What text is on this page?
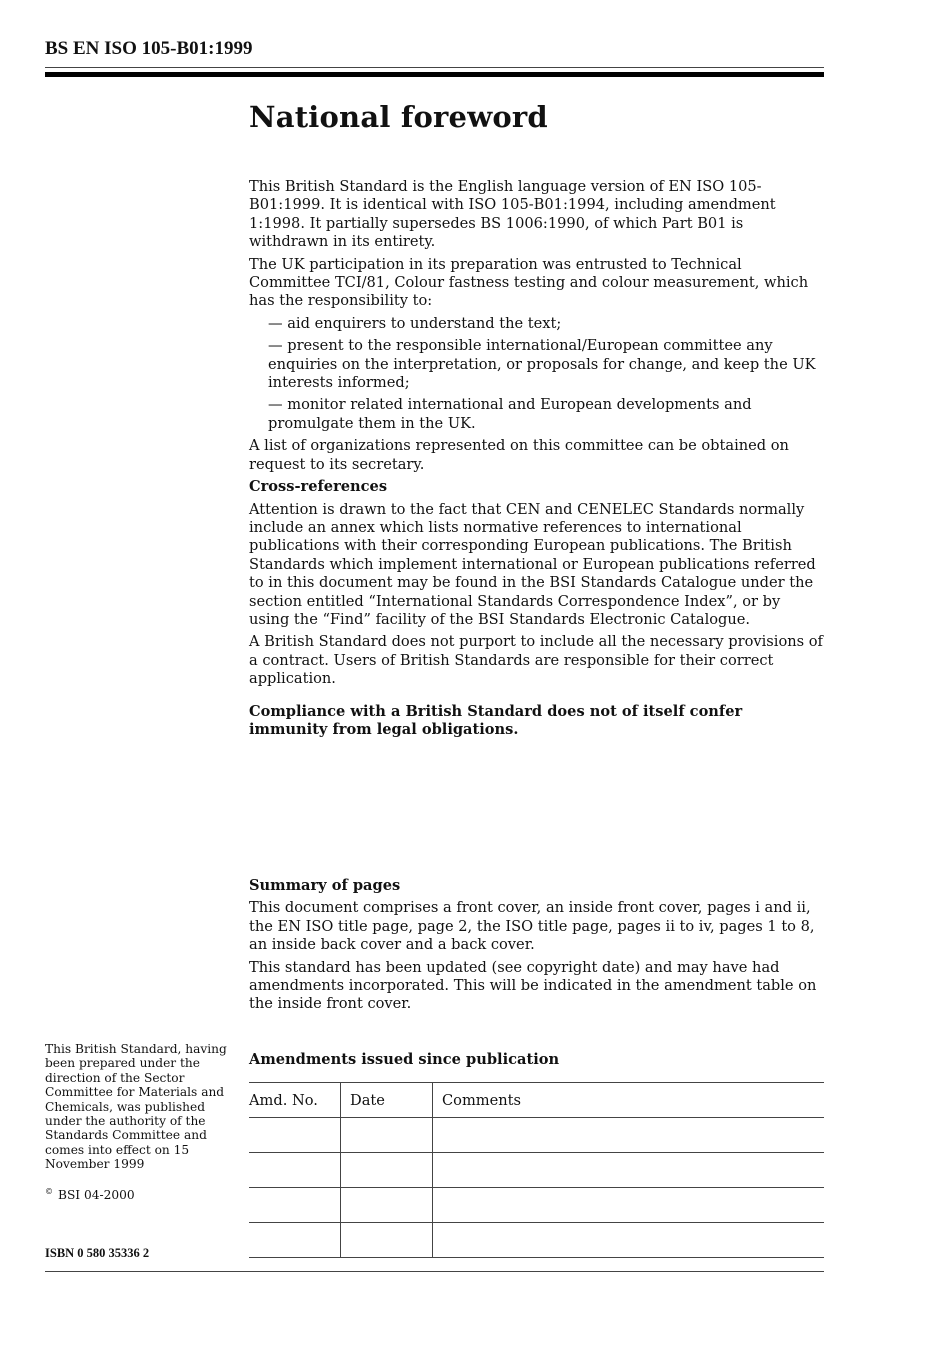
BS EN ISO 105-B01:1999
National foreword

This British Standard is the English language version of EN ISO 105-B01:1999. It is identical with ISO 105-B01:1994, including amendment 1:1998. It partially supersedes BS 1006:1990, of which Part B01 is withdrawn in its entirety.

The UK participation in its preparation was entrusted to Technical Committee TCI/81, Colour fastness testing and colour measurement, which has the responsibility to:

— aid enquirers to understand the text;
— present to the responsible international/European committee any enquiries on the interpretation, or proposals for change, and keep the UK interests informed;
— monitor related international and European developments and promulgate them in the UK.

A list of organizations represented on this committee can be obtained on request to its secretary.

Cross-references

Attention is drawn to the fact that CEN and CENELEC Standards normally include an annex which lists normative references to international publications with their corresponding European publications. The British Standards which implement international or European publications referred to in this document may be found in the BSI Standards Catalogue under the section entitled “International Standards Correspondence Index”, or by using the “Find” facility of the BSI Standards Electronic Catalogue.

A British Standard does not purport to include all the necessary provisions of a contract. Users of British Standards are responsible for their correct application.

Compliance with a British Standard does not of itself confer immunity from legal obligations.

Summary of pages

This document comprises a front cover, an inside front cover, pages i and ii, the EN ISO title page, page 2, the ISO title page, pages ii to iv, pages 1 to 8, an inside back cover and a back cover.

This standard has been updated (see copyright date) and may have had amendments incorporated. This will be indicated in the amendment table on the inside front cover.

Amendments issued since publication
Amd. No.	Date	Comments

This British Standard, having been prepared under the direction of the Sector Committee for Materials and Chemicals, was published under the authority of the Standards Committee and comes into effect on 15 November 1999
© BSI 04-2000
ISBN 0 580 35336 2
